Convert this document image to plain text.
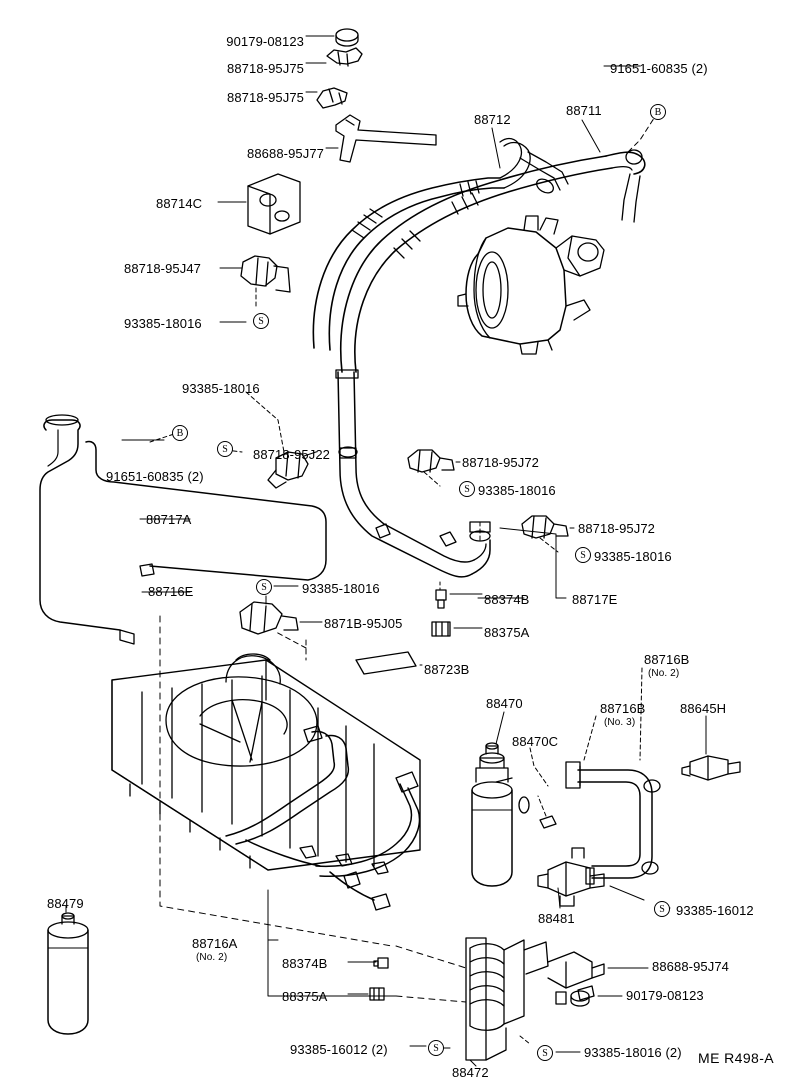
90179-08123
88718-95J75
88718-95J75
88688-95J77
91651-60835 (2)
88712
88711
88714C
88718-95J47
93385-18016
93385-18016
88718-95J22
91651-60835 (2)
88717A
88716E
88718-95J72
93385-18016
88718-95J72
93385-18016
88717E
88374B
88375A
93385-18016
8871B-95J05
88723B
88470
88470C
88716B
88716B	88645H
88479
88716A
88374B
88375A
93385-16012 (2)
88481
93385-16012
88688-95J74
90179-08123
93385-18016 (2)
88472
(No. 2)
(No. 3)
(No. 2)
B
B
S
S
S
S
S
S
S	S	ME R498-A
